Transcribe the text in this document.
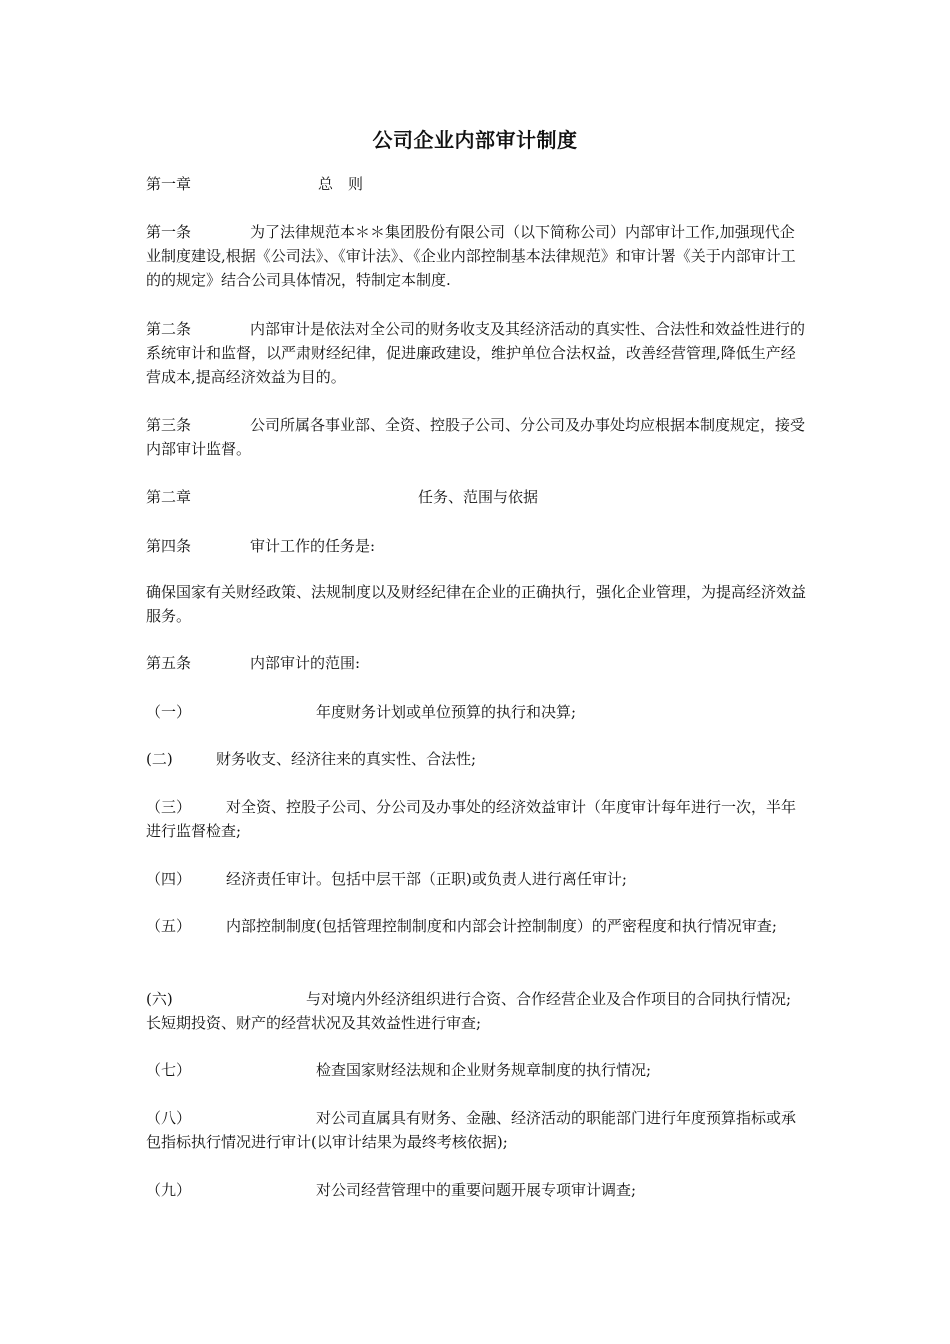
公司企业内部审计制度
第一章	总　则
第一条	为了法律规范本＊＊集团股份有限公司（以下简称公司）内部审计工作,加强现代企业制度建设,根据《公司法》、《审计法》、《企业内部控制基本法律规范》和审计署《关于内部审计工的的规定》结合公司具体情况，特制定本制度.
第二条	内部审计是依法对全公司的财务收支及其经济活动的真实性、合法性和效益性进行的系统审计和监督，以严肃财经纪律，促进廉政建设，维护单位合法权益，改善经营管理,降低生产经营成本,提高经济效益为目的。
第三条	公司所属各事业部、全资、控股子公司、分公司及办事处均应根据本制度规定，接受内部审计监督。
第二章	任务、范围与依据
第四条	审计工作的任务是:
确保国家有关财经政策、法规制度以及财经纪律在企业的正确执行，强化企业管理，为提高经济效益服务。
第五条	内部审计的范围:
（一）	年度财务计划或单位预算的执行和决算;
(二)	财务收支、经济往来的真实性、合法性;
（三） 对全资、控股子公司、分公司及办事处的经济效益审计（年度审计每年进行一次，半年进行监督检查;
（四） 经济责任审计。包括中层干部（正职)或负责人进行离任审计;
（五） 内部控制制度(包括管理控制制度和内部会计控制制度）的严密程度和执行情况审查;
(六)	与对境内外经济组织进行合资、合作经营企业及合作项目的合同执行情况;长短期投资、财产的经营状况及其效益性进行审查;
（七）	检查国家财经法规和企业财务规章制度的执行情况;
（八）	对公司直属具有财务、金融、经济活动的职能部门进行年度预算指标或承包指标执行情况进行审计(以审计结果为最终考核依据);
（九）	对公司经营管理中的重要问题开展专项审计调查;
